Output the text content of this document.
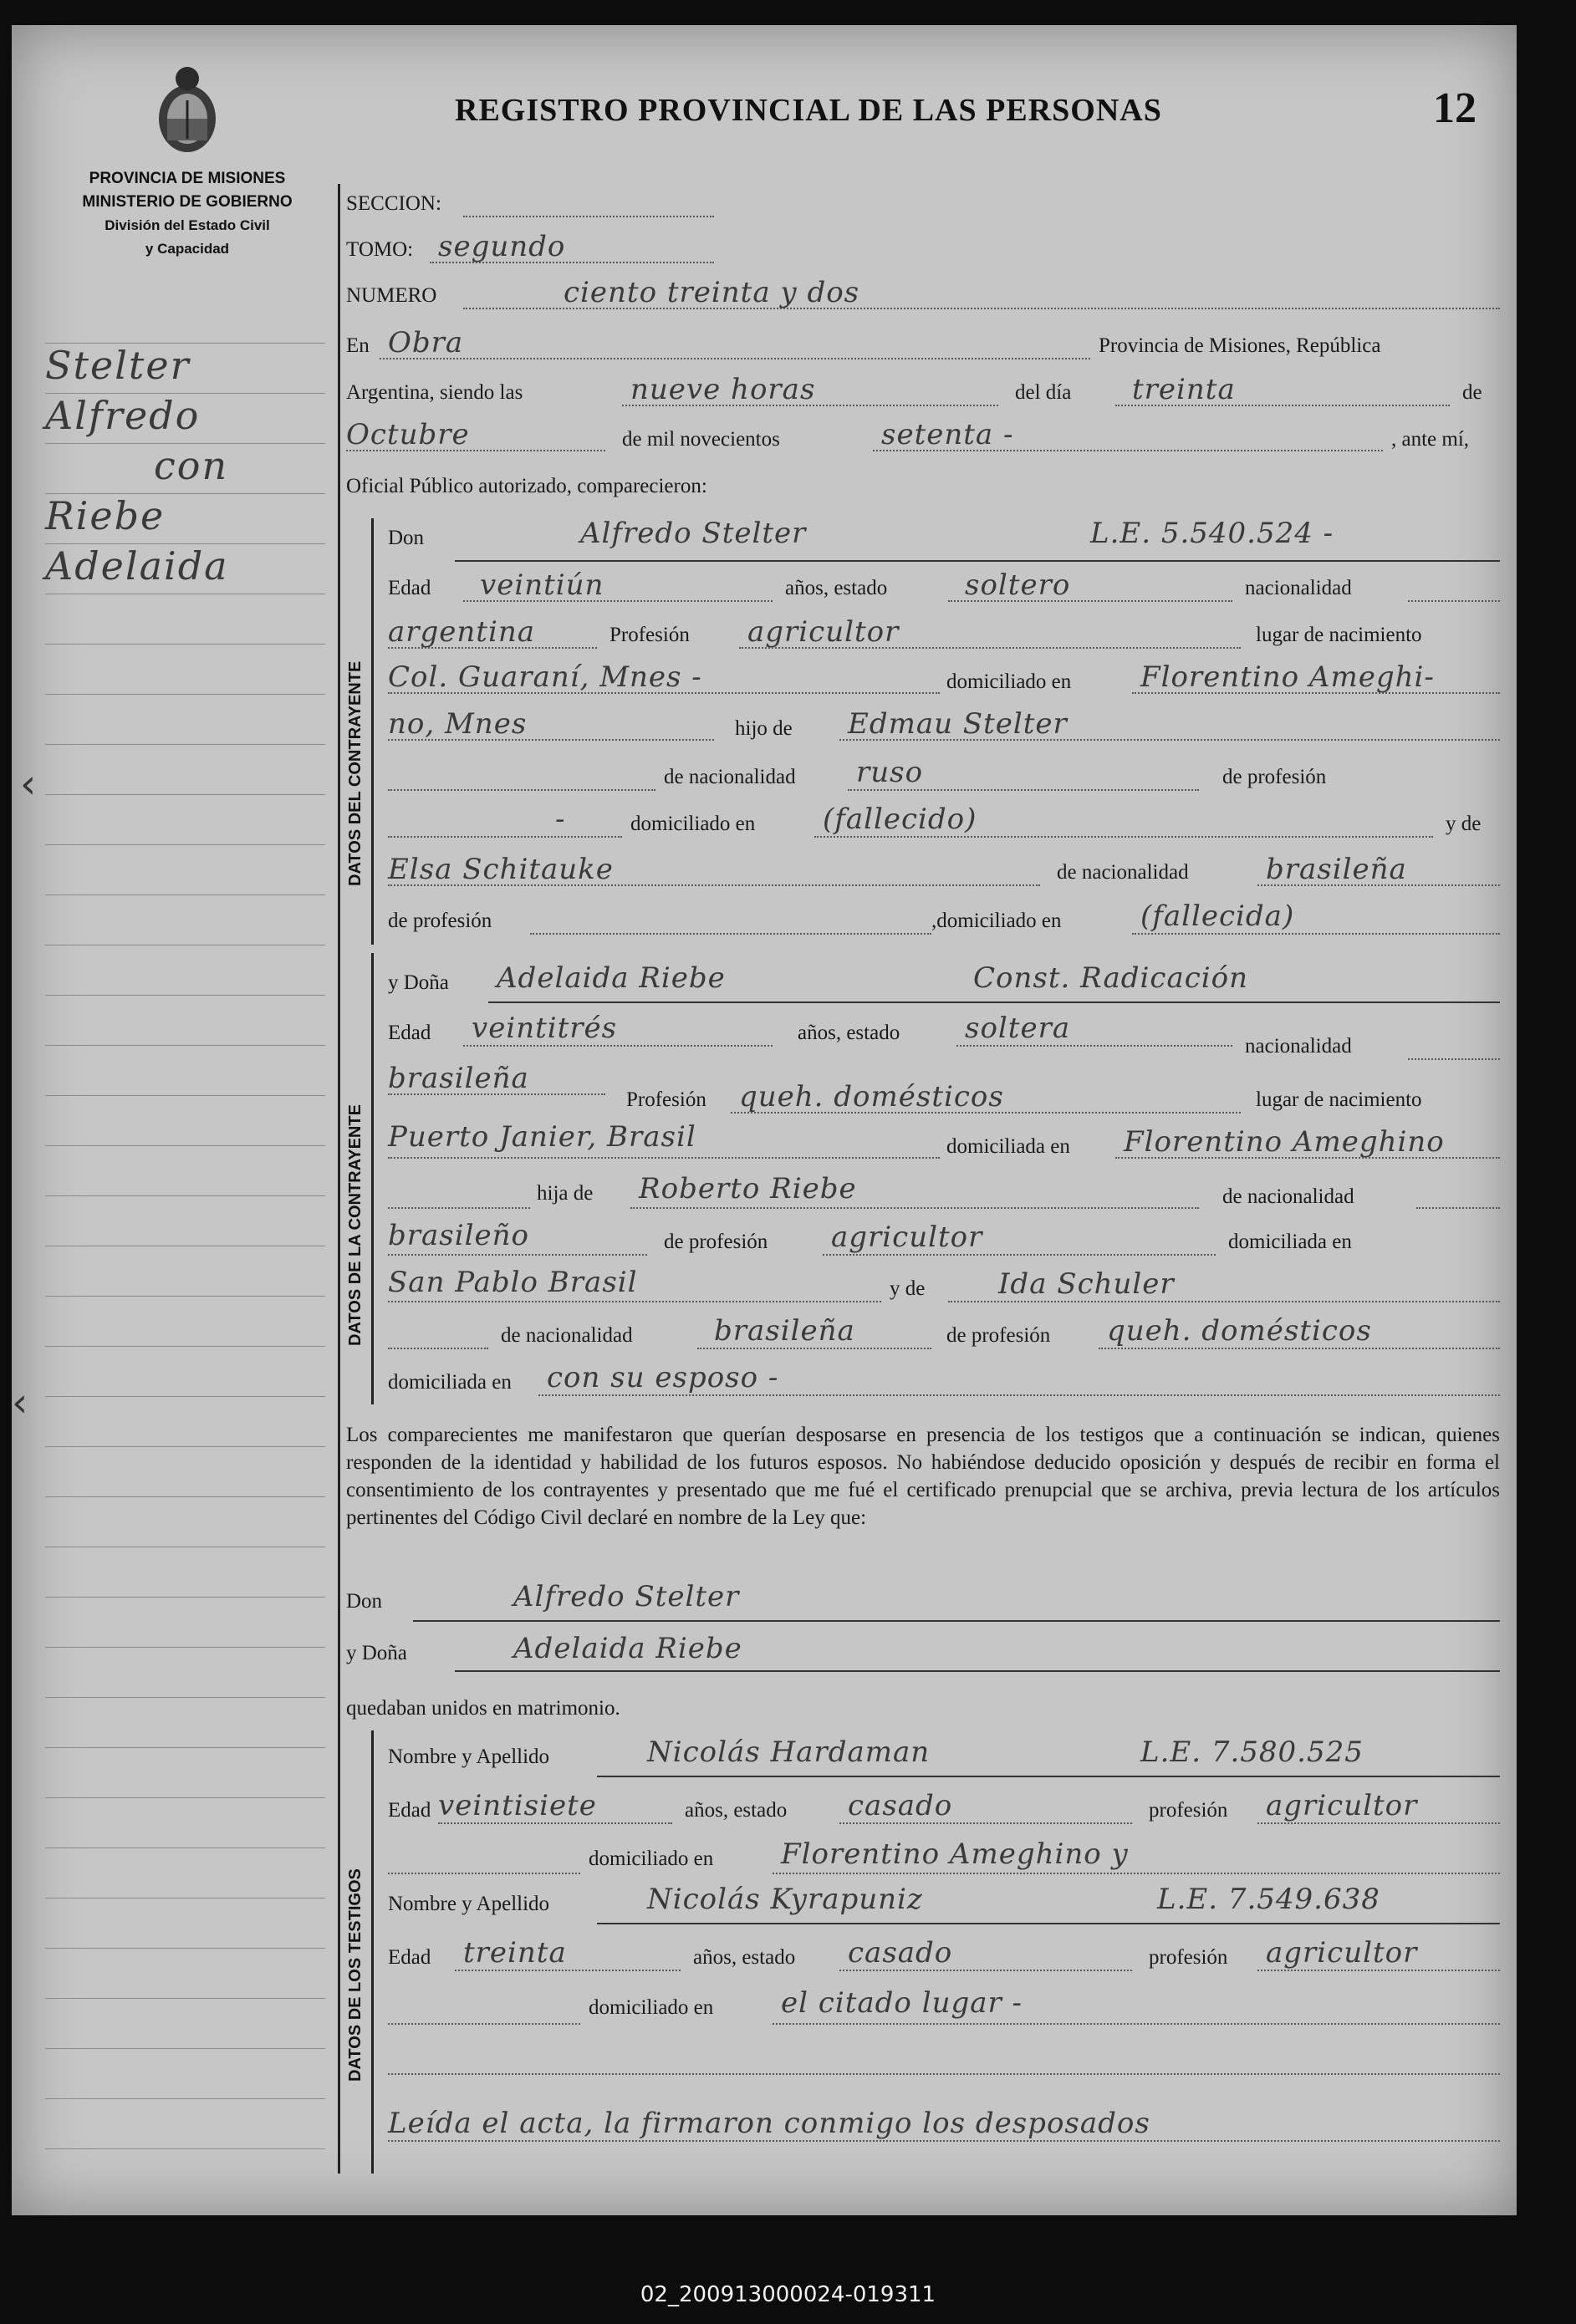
PROVINCIA DE MISIONES
MINISTERIO DE GOBIERNO
División del Estado Civil
y Capacidad
Stelter
Alfredo
con
Riebe
Adelaida
‹
‹
REGISTRO PROVINCIAL DE LAS PERSONAS	12
SECCION:
TOMO: segundo
NUMERO	ciento treinta y dos
En Obra	Provincia de Misiones, República
Argentina, siendo las	nueve horas	del día treinta	de
Octubre	de mil novecientos	setenta -	, ante mí,
Oficial Público autorizado, comparecieron:
DATOS DEL CONTRAYENTE
Don	Alfredo Stelter	L.E. 5.540.524 -
Edad veintiún	años, estado	soltero	nacionalidad
argentina	Profesión agricultor	lugar de nacimiento
Col. Guaraní, Mnes -	domiciliado en Florentino Ameghi-
no, Mnes	hijo de Edmau Stelter
de nacionalidad ruso	de profesión
-	domiciliado en (fallecido)	y de
Elsa Schitauke	de nacionalidad	brasileña
de profesión	,domiciliado en	(fallecida)
DATOS DE LA CONTRAYENTE
y Doña Adelaida Riebe	Const. Radicación
Edad veintitrés	años, estado soltera
nacionalidad
brasileña
Profesión queh. domésticos	lugar de nacimiento
Puerto Janier, Brasil	domiciliada en Florentino Ameghino
hija de Roberto Riebe	de nacionalidad
brasileño	de profesión agricultor	domiciliada en
San Pablo Brasil	y de	Ida Schuler
de nacionalidad	brasileña	de profesión queh. domésticos
domiciliada en con su esposo -
Los comparecientes me manifestaron que querían desposarse en presencia de los testigos que a continuación se indican, quienes responden de la identidad y habilidad de los futuros esposos. No habiéndose deducido oposición y después de recibir en forma el consentimiento de los contrayentes y presentado que me fué el certificado prenupcial que se archiva, previa lectura de los artículos pertinentes del Código Civil declaré en nombre de la Ley que:
Don	Alfredo Stelter
y Doña	Adelaida Riebe
quedaban unidos en matrimonio.
DATOS DE LOS TESTIGOS
Nombre y Apellido	Nicolás Hardaman	L.E. 7.580.525
Edad veintisiete	años, estado casado	profesión agricultor
domiciliado en Florentino Ameghino y
Nombre y Apellido	Nicolás Kyrapuniz	L.E. 7.549.638
Edad treinta	años, estado casado	profesión agricultor
domiciliado en el citado lugar -
Leída el acta, la firmaron conmigo los desposados
02_200913000024-019311
